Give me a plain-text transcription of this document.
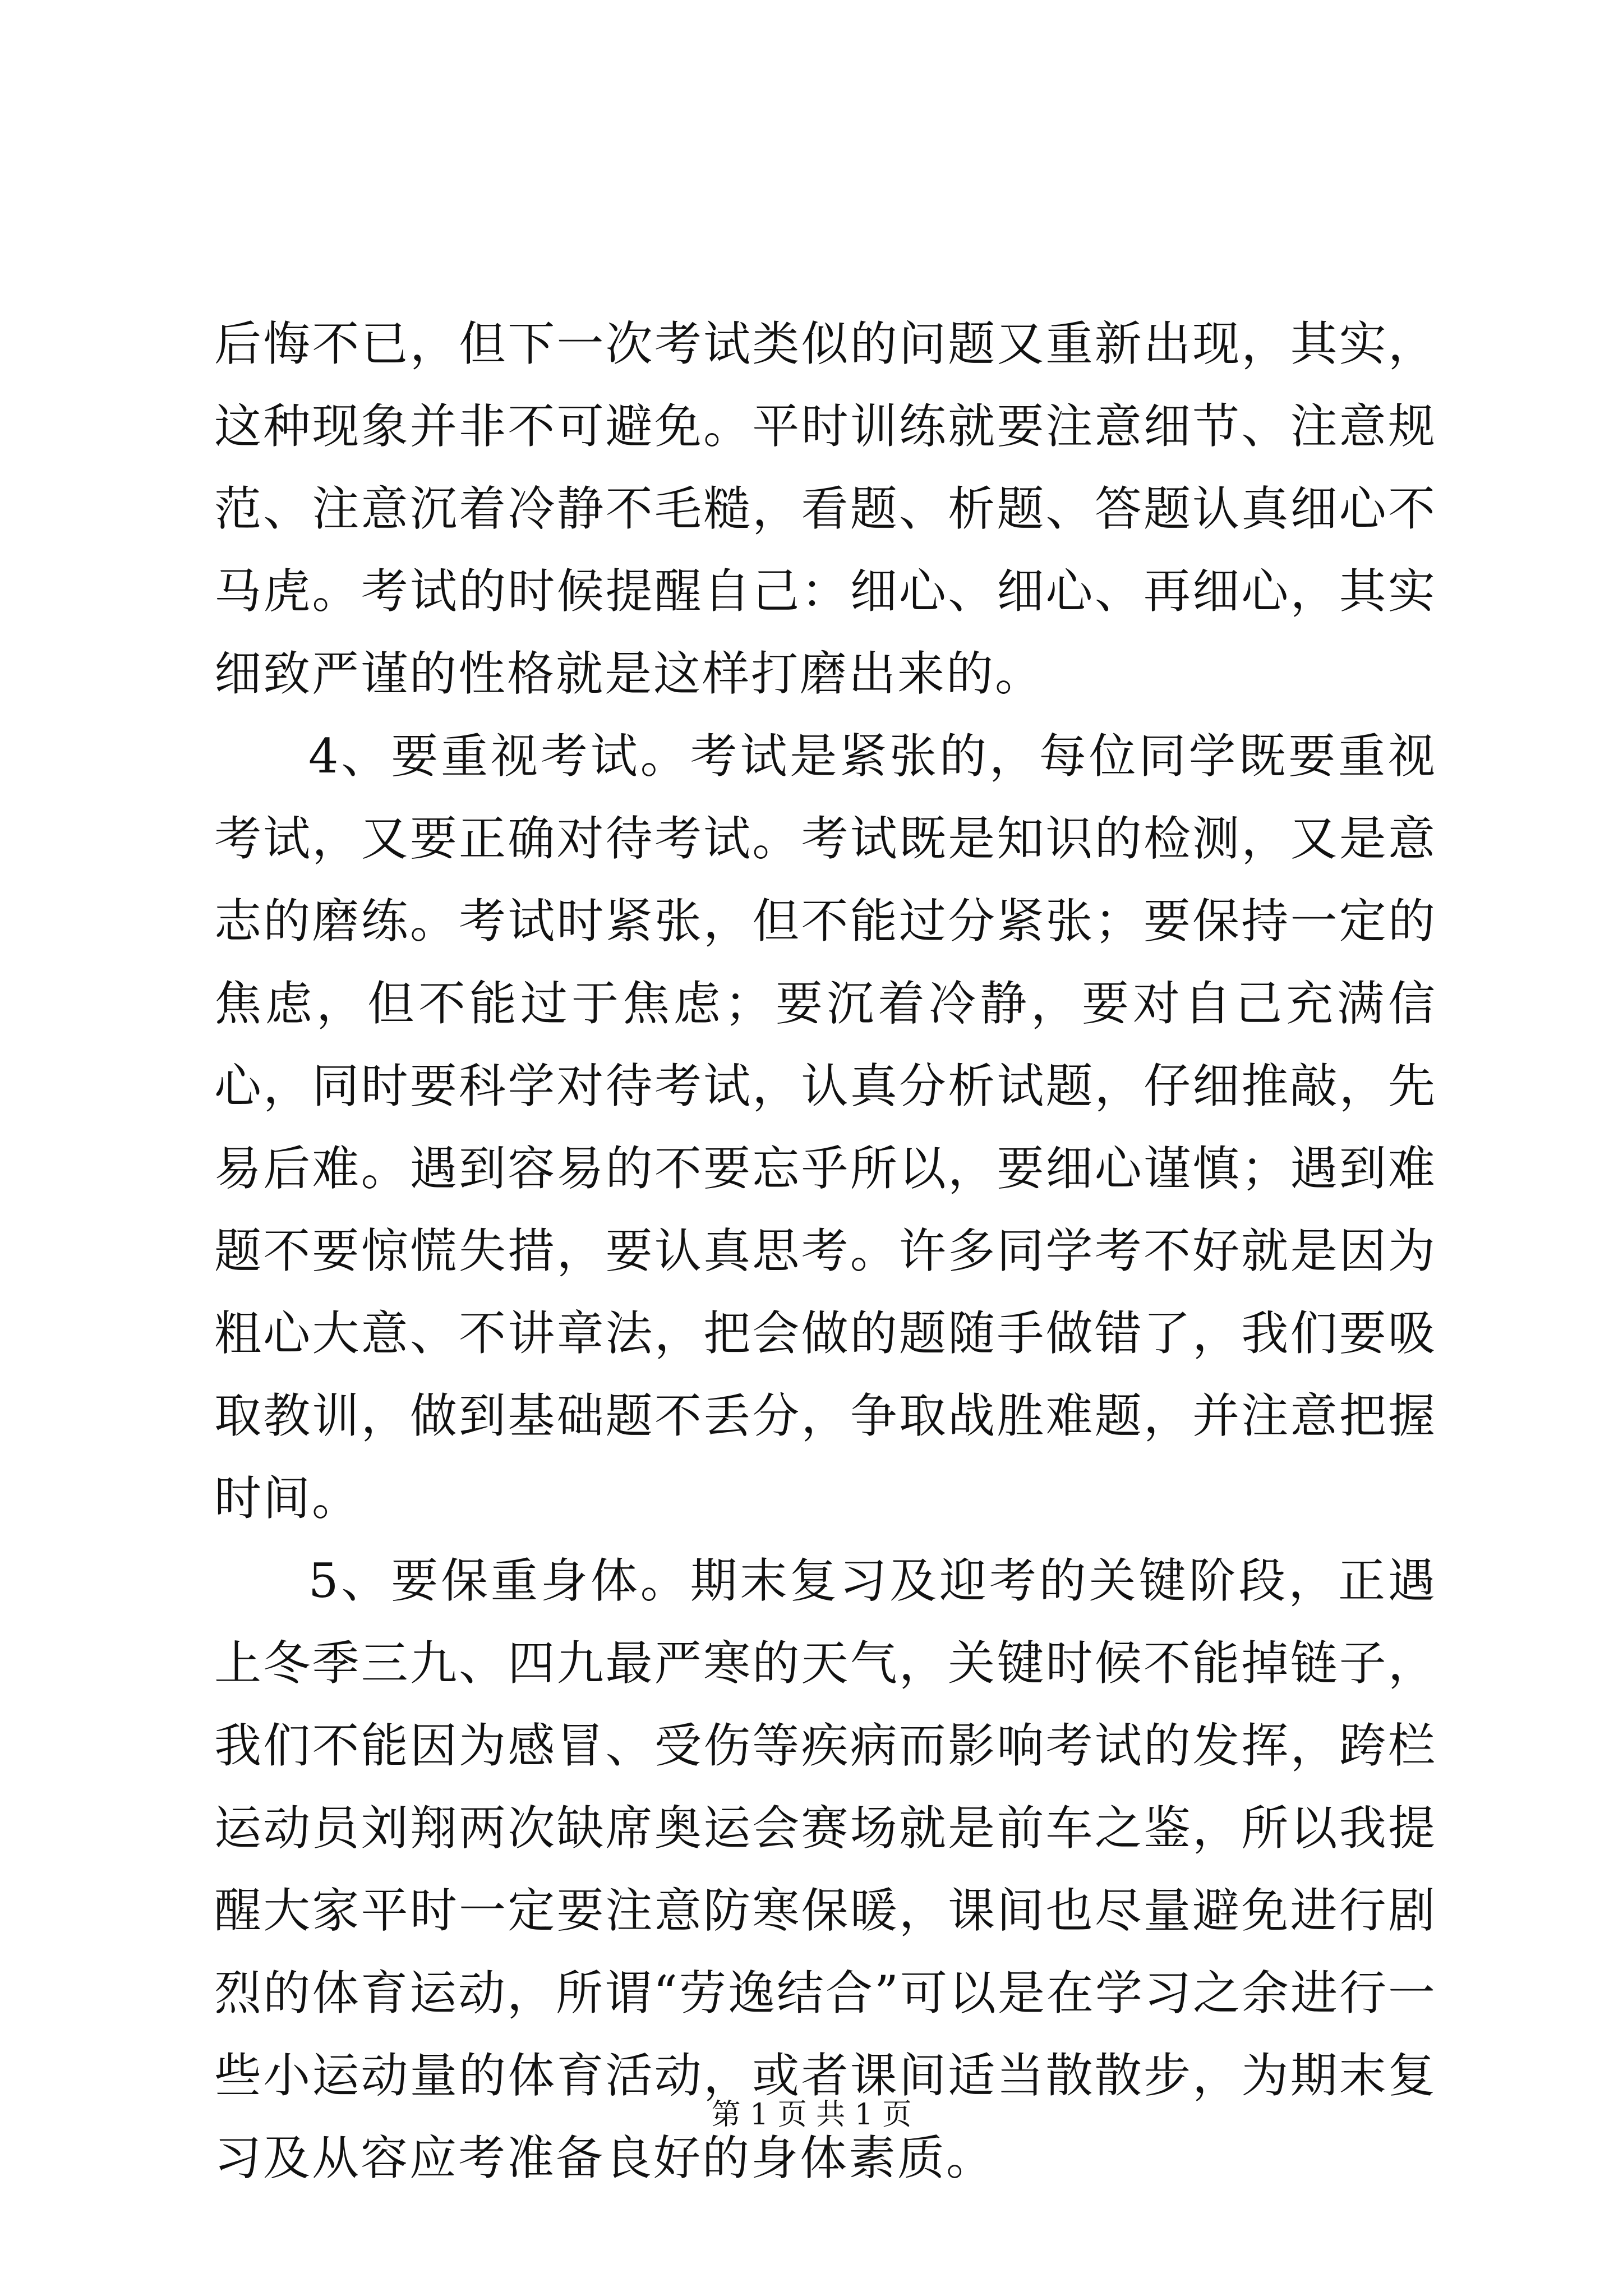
后悔不已，但下一次考试类似的问题又重新出现，其实，这种现象并非不可避免。平时训练就要注意细节、注意规范、注意沉着冷静不毛糙，看题、析题、答题认真细心不马虎。考试的时候提醒自己：细心、细心、再细心，其实细致严谨的性格就是这样打磨出来的。

4、要重视考试。考试是紧张的，每位同学既要重视考试，又要正确对待考试。考试既是知识的检测，又是意志的磨练。考试时紧张，但不能过分紧张；要保持一定的焦虑，但不能过于焦虑；要沉着冷静，要对自己充满信心，同时要科学对待考试，认真分析试题，仔细推敲，先易后难。遇到容易的不要忘乎所以，要细心谨慎；遇到难题不要惊慌失措，要认真思考。许多同学考不好就是因为粗心大意、不讲章法，把会做的题随手做错了，我们要吸取教训，做到基础题不丢分，争取战胜难题，并注意把握时间。

5、要保重身体。期末复习及迎考的关键阶段，正遇上冬季三九、四九最严寒的天气，关键时候不能掉链子，我们不能因为感冒、受伤等疾病而影响考试的发挥，跨栏运动员刘翔两次缺席奥运会赛场就是前车之鉴，所以我提醒大家平时一定要注意防寒保暖，课间也尽量避免进行剧烈的体育运动，所谓“劳逸结合”可以是在学习之余进行一些小运动量的体育活动，或者课间适当散散步，为期末复习及从容应考准备良好的身体素质。

第 1 页 共 1 页
